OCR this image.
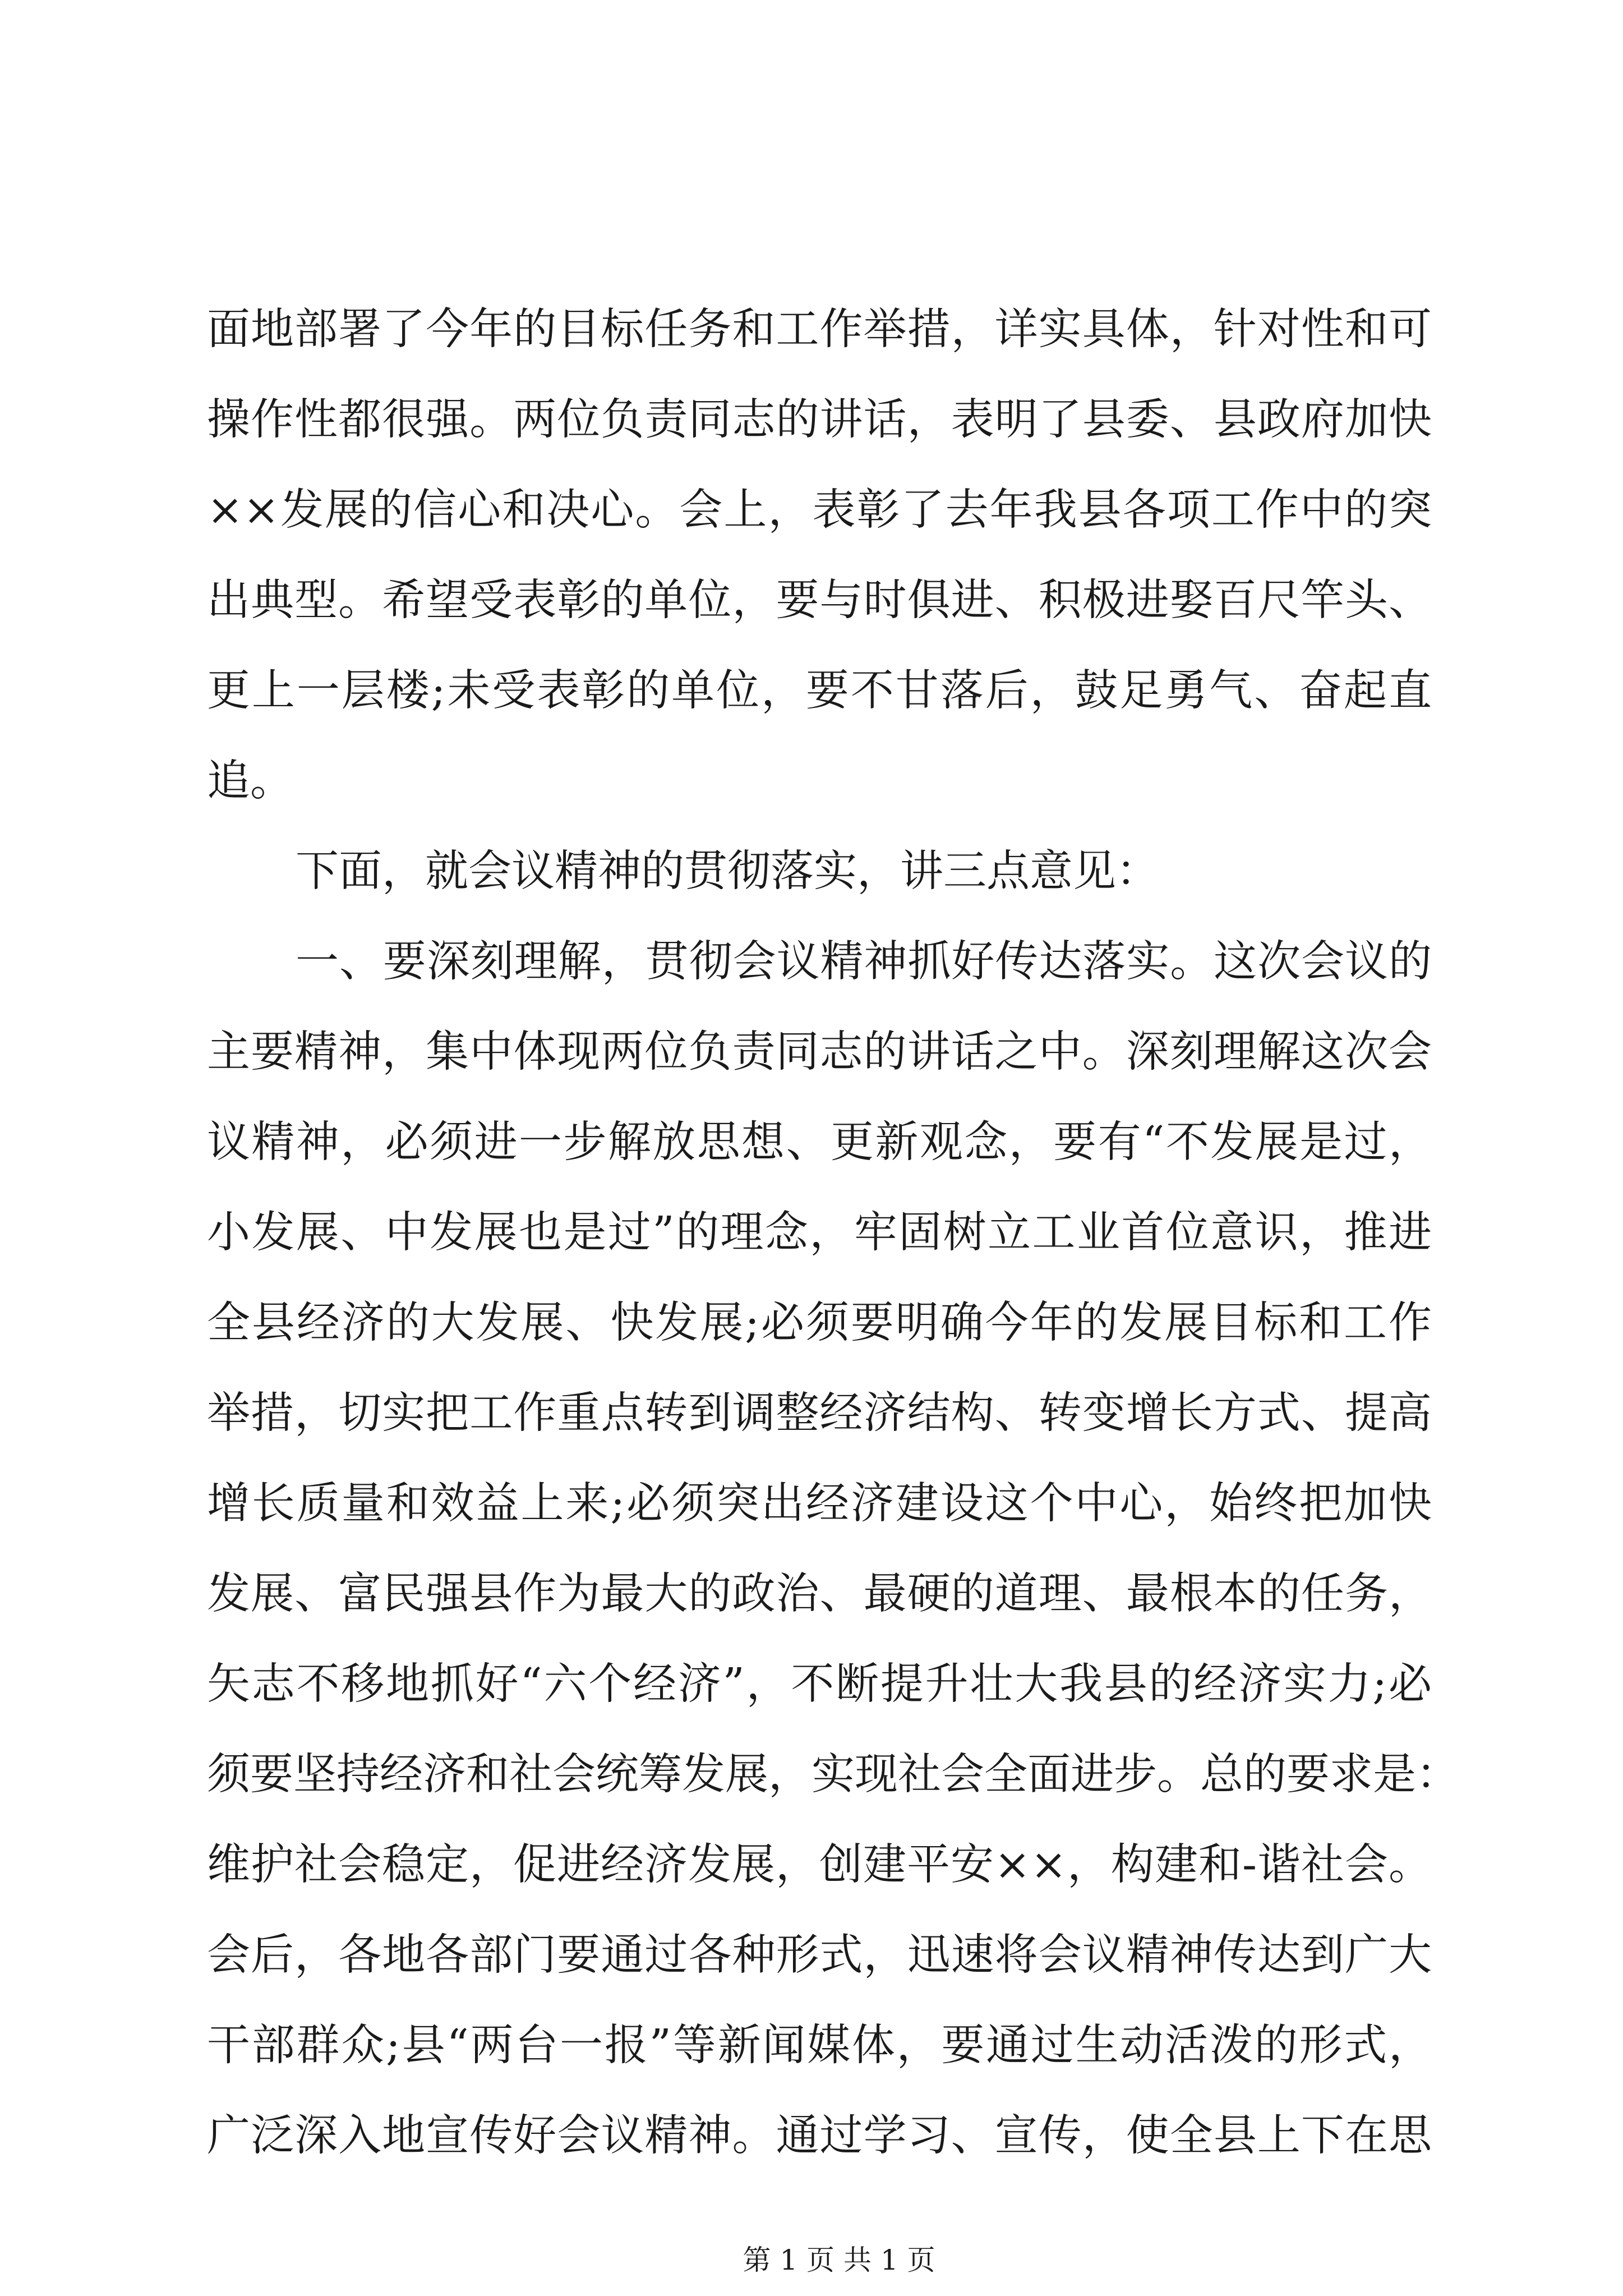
面地部署了今年的目标任务和工作举措，详实具体，针对性和可
操作性都很强。两位负责同志的讲话，表明了县委、县政府加快
××发展的信心和决心。会上，表彰了去年我县各项工作中的突
出典型。希望受表彰的单位，要与时俱进、积极进娶百尺竿头、
更上一层楼;未受表彰的单位，要不甘落后，鼓足勇气、奋起直
追。
下面，就会议精神的贯彻落实，讲三点意见：
一、要深刻理解，贯彻会议精神抓好传达落实。这次会议的
主要精神，集中体现两位负责同志的讲话之中。深刻理解这次会
议精神，必须进一步解放思想、更新观念，要有“不发展是过，
小发展、中发展也是过”的理念，牢固树立工业首位意识，推进
全县经济的大发展、快发展;必须要明确今年的发展目标和工作
举措，切实把工作重点转到调整经济结构、转变增长方式、提高
增长质量和效益上来;必须突出经济建设这个中心，始终把加快
发展、富民强县作为最大的政治、最硬的道理、最根本的任务，
矢志不移地抓好“六个经济”，不断提升壮大我县的经济实力;必
须要坚持经济和社会统筹发展，实现社会全面进步。总的要求是：
维护社会稳定，促进经济发展，创建平安××，构建和-谐社会。
会后，各地各部门要通过各种形式，迅速将会议精神传达到广大
干部群众;县“两台一报”等新闻媒体，要通过生动活泼的形式，
广泛深入地宣传好会议精神。通过学习、宣传，使全县上下在思
第 1 页 共 1 页
